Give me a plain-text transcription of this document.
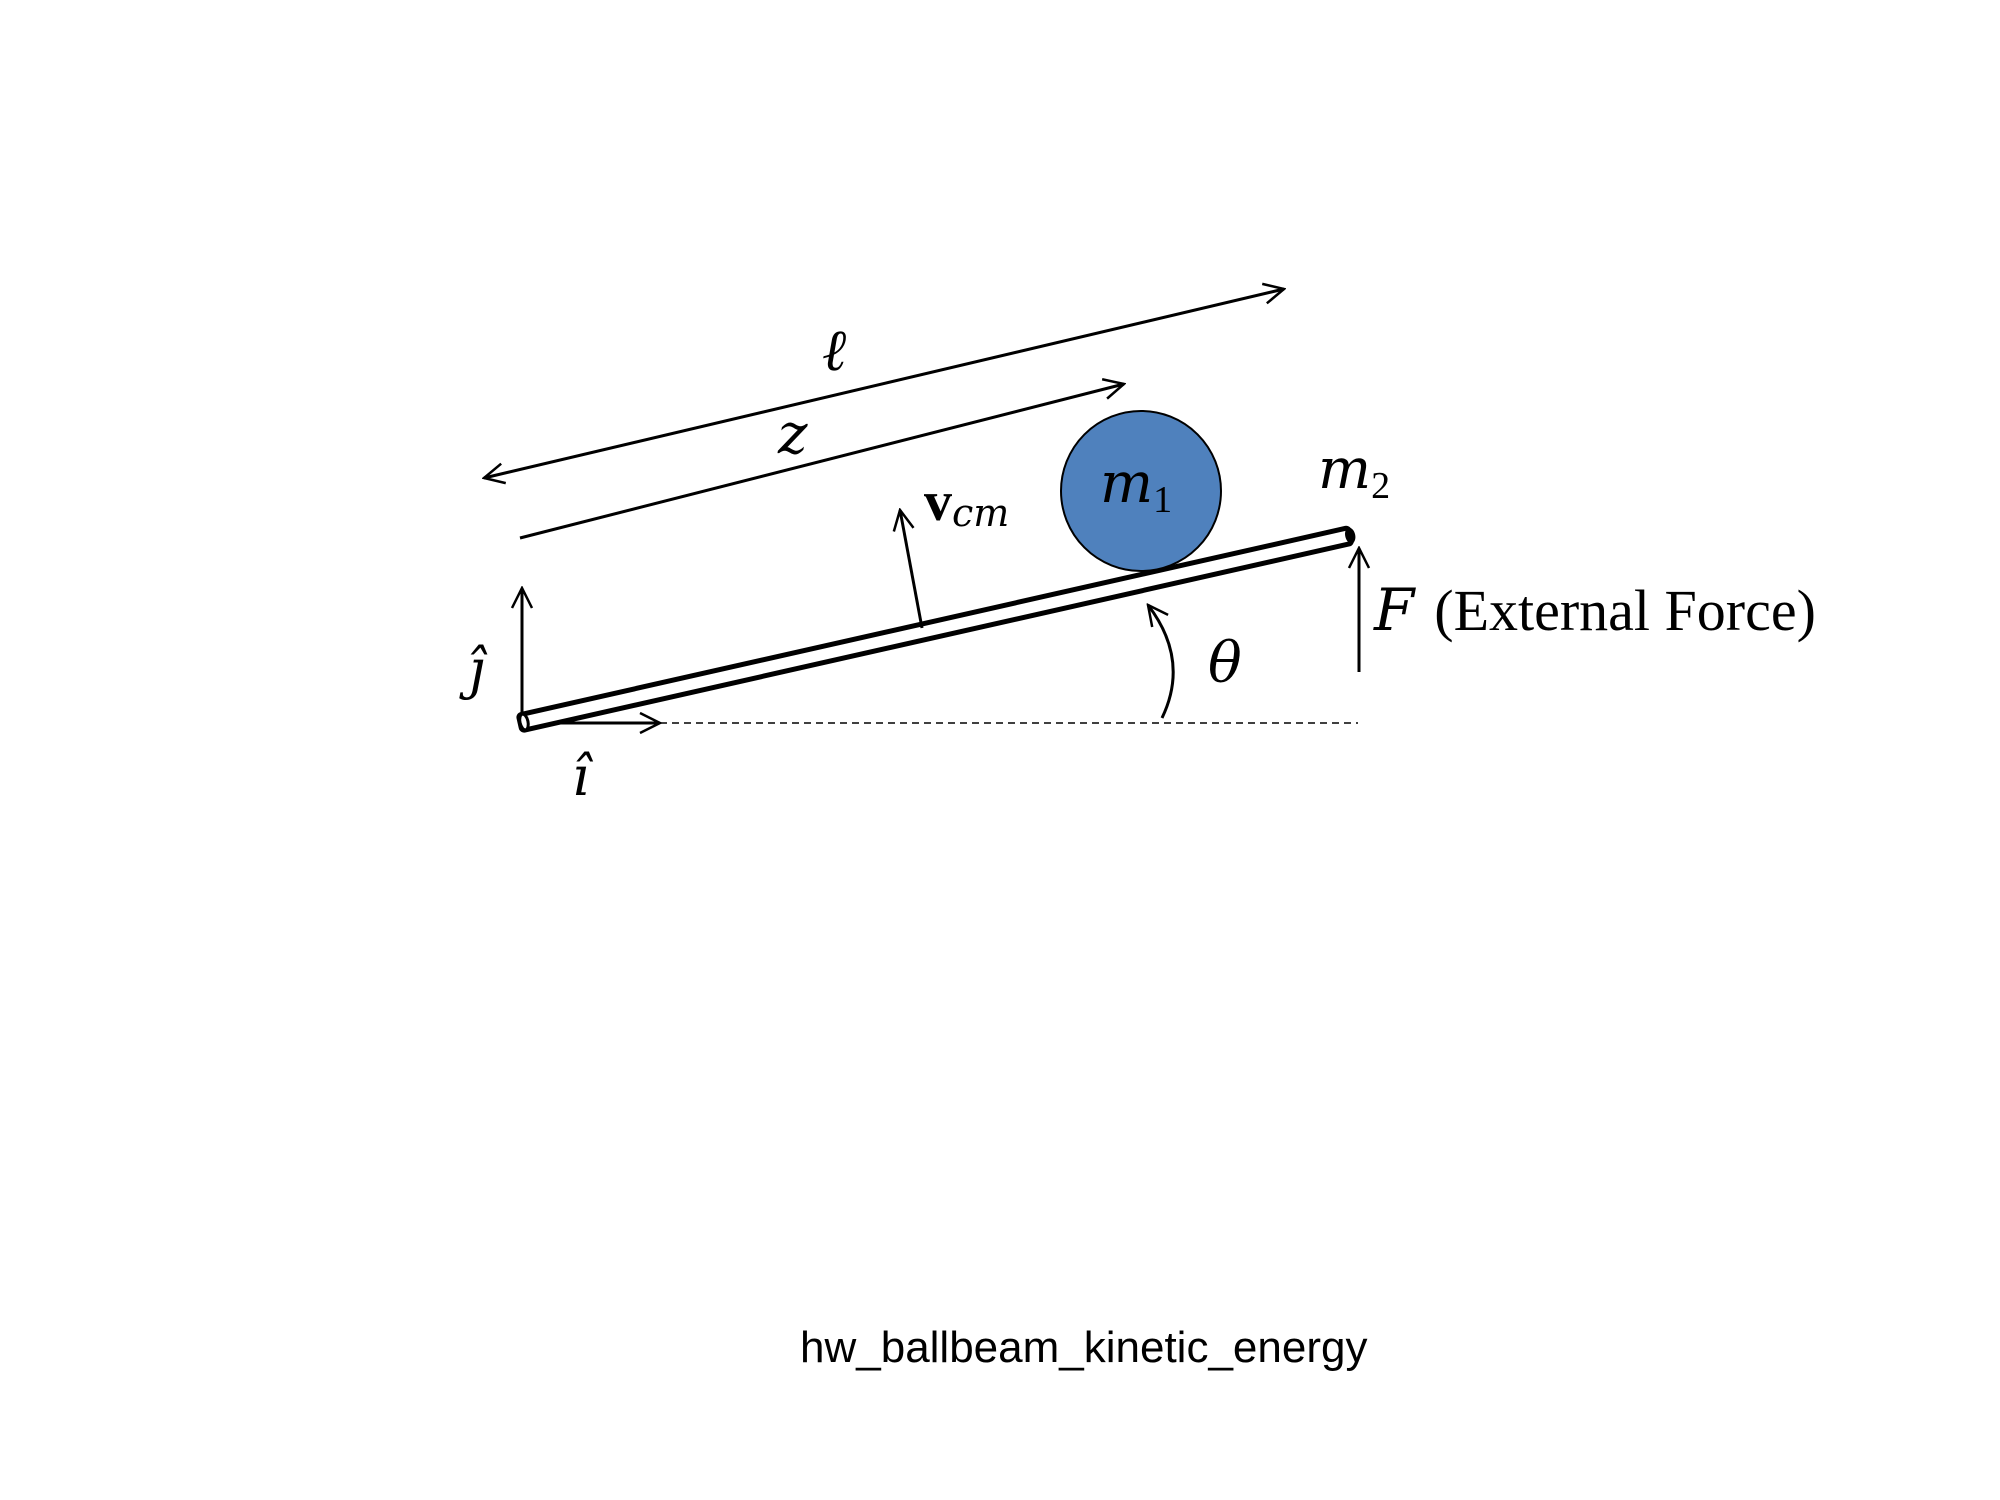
ℓ
z
vcm m1	m2
F (External Force)
θ
ĵ
î
hw_ballbeam_kinetic_energy
